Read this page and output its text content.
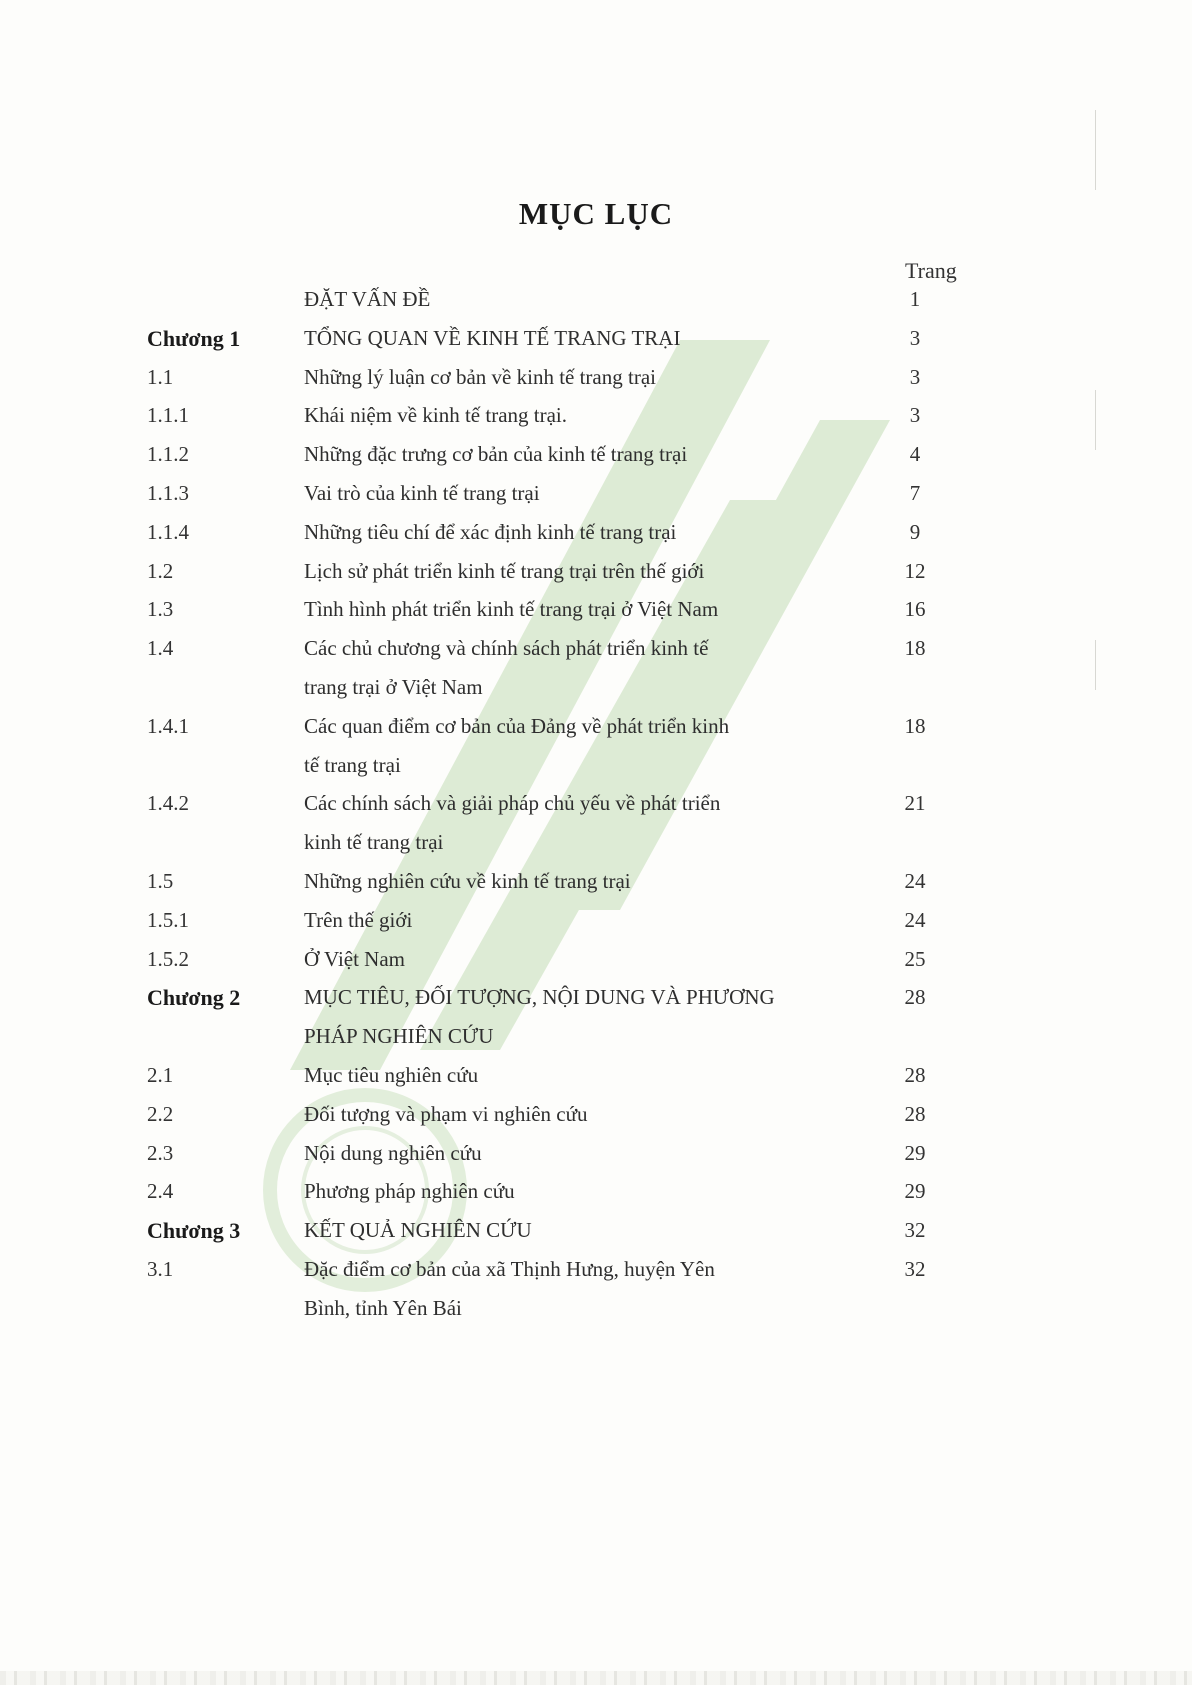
MỤC LỤC
Trang
ĐẶT VẤN ĐỀ	1
Chương 1	TỔNG QUAN VỀ KINH TẾ TRANG TRẠI	3
1.1	Những lý luận cơ bản về kinh tế trang trại	3
1.1.1	Khái niệm về kinh tế trang trại.	3
1.1.2	Những đặc trưng cơ bản của kinh tế trang trại	4
1.1.3	Vai trò của kinh tế trang trại	7
1.1.4	Những tiêu chí để xác định kinh tế trang trại	9
1.2	Lịch sử phát triển kinh tế trang trại trên thế giới	12
1.3	Tình hình phát triển kinh tế trang trại ở Việt Nam	16
1.4	Các chủ chương và chính sách phát triển kinh tế	18
trang trại ở Việt Nam
1.4.1	Các quan điểm cơ bản của Đảng về phát triển kinh	18
tế trang trại
1.4.2	Các chính sách và giải pháp chủ yếu về phát triển	21
kinh tế trang trại
1.5	Những nghiên cứu về kinh tế trang trại	24
1.5.1	Trên thế giới	24
1.5.2	Ở Việt Nam	25
Chương 2	MỤC TIÊU, ĐỐI TƯỢNG, NỘI DUNG VÀ PHƯƠNG	28
PHÁP NGHIÊN CỨU
2.1	Mục tiêu nghiên cứu	28
2.2	Đối tượng và phạm vi nghiên cứu	28
2.3	Nội dung nghiên cứu	29
2.4	Phương pháp nghiên cứu	29
Chương 3	KẾT QUẢ NGHIÊN CỨU	32
3.1	Đặc điểm cơ bản của xã Thịnh Hưng, huyện Yên	32
Bình, tỉnh Yên Bái
